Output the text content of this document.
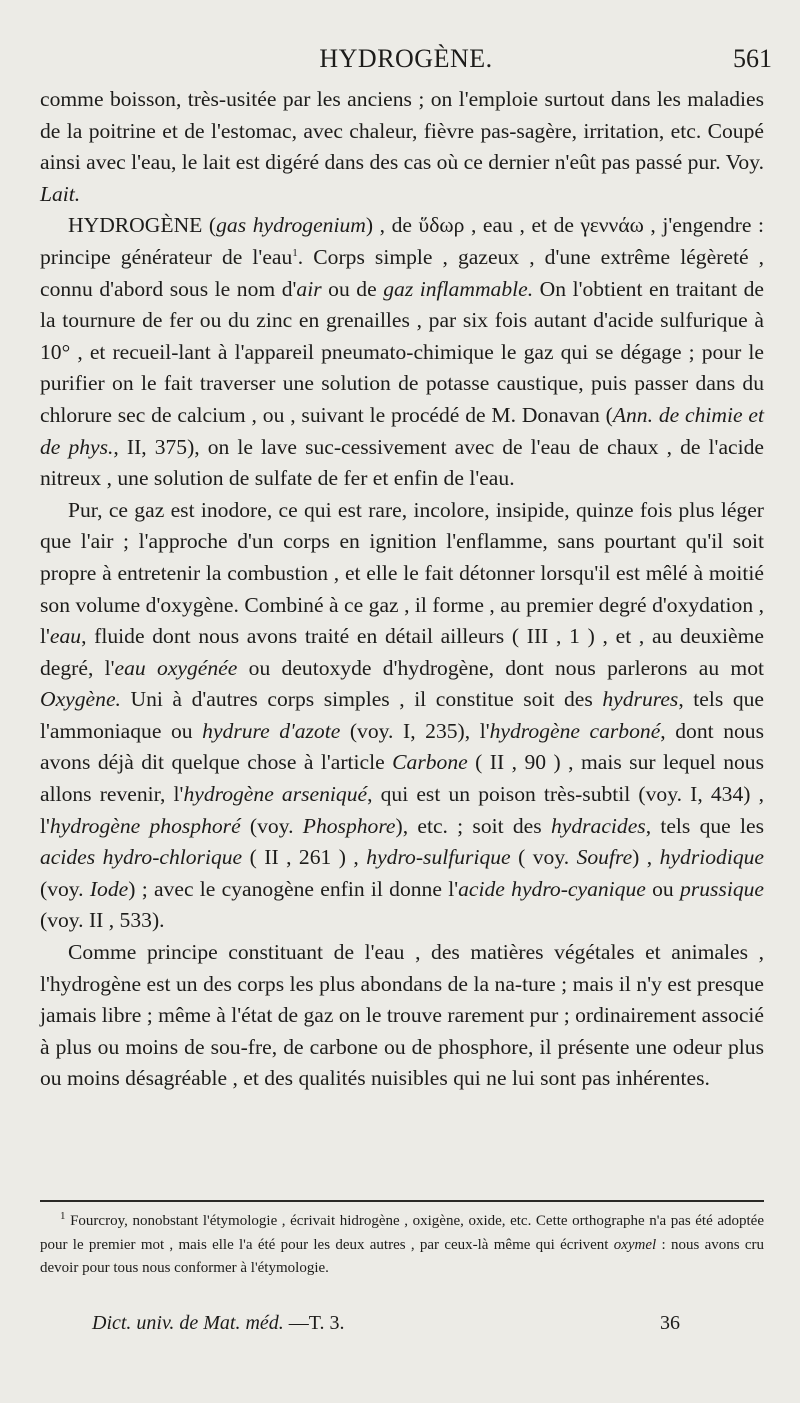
HYDROGÈNE.	561

comme boisson, très-usitée par les anciens ; on l'emploie surtout dans les maladies de la poitrine et de l'estomac, avec chaleur, fièvre pas-sagère, irritation, etc. Coupé ainsi avec l'eau, le lait est digéré dans des cas où ce dernier n'eût pas passé pur. Voy. Lait.

HYDROGÈNE (gas hydrogenium) , de ὕδωρ , eau , et de γεννάω , j'engendre : principe générateur de l'eau$^1$. Corps simple , gazeux , d'une extrême légèreté , connu d'abord sous le nom d'air ou de gaz inflammable. On l'obtient en traitant de la tournure de fer ou du zinc en grenailles , par six fois autant d'acide sulfurique à 10° , et recueil-lant à l'appareil pneumato-chimique le gaz qui se dégage ; pour le purifier on le fait traverser une solution de potasse caustique, puis passer dans du chlorure sec de calcium , ou , suivant le procédé de M. Donavan (Ann. de chimie et de phys., II, 375), on le lave suc-cessivement avec de l'eau de chaux , de l'acide nitreux , une solution de sulfate de fer et enfin de l'eau.

Pur, ce gaz est inodore, ce qui est rare, incolore, insipide, quinze fois plus léger que l'air ; l'approche d'un corps en ignition l'enflamme, sans pourtant qu'il soit propre à entretenir la combustion , et elle le fait détonner lorsqu'il est mêlé à moitié son volume d'oxygène. Combiné à ce gaz , il forme , au premier degré d'oxydation , l'eau, fluide dont nous avons traité en détail ailleurs ( III , 1 ) , et , au deuxième degré, l'eau oxygénée ou deutoxyde d'hydrogène, dont nous parlerons au mot Oxygène. Uni à d'autres corps simples , il constitue soit des hydrures, tels que l'ammoniaque ou hydrure d'azote (voy. I, 235), l'hydrogène carboné, dont nous avons déjà dit quelque chose à l'article Carbone ( II , 90 ) , mais sur lequel nous allons revenir, l'hydrogène arseniqué, qui est un poison très-subtil (voy. I, 434) , l'hydrogène phosphoré (voy. Phosphore), etc. ; soit des hydracides, tels que les acides hydro-chlorique ( II , 261 ) , hydro-sulfurique ( voy. Soufre) , hydriodique (voy. Iode) ; avec le cyanogène enfin il donne l'acide hydro-cyanique ou prussique (voy. II , 533).

Comme principe constituant de l'eau , des matières végétales et animales , l'hydrogène est un des corps les plus abondans de la na-ture ; mais il n'y est presque jamais libre ; même à l'état de gaz on le trouve rarement pur ; ordinairement associé à plus ou moins de sou-fre, de carbone ou de phosphore, il présente une odeur plus ou moins désagréable , et des qualités nuisibles qui ne lui sont pas inhérentes.

$^1$ Fourcroy, nonobstant l'étymologie , écrivait hidrogène , oxigène, oxide, etc. Cette orthographe n'a pas été adoptée pour le premier mot , mais elle l'a été pour les deux autres , par ceux-là même qui écrivent oxymel : nous avons cru devoir pour tous nous conformer à l'étymologie.

Dict. univ. de Mat. méd. —T. 3.	36
